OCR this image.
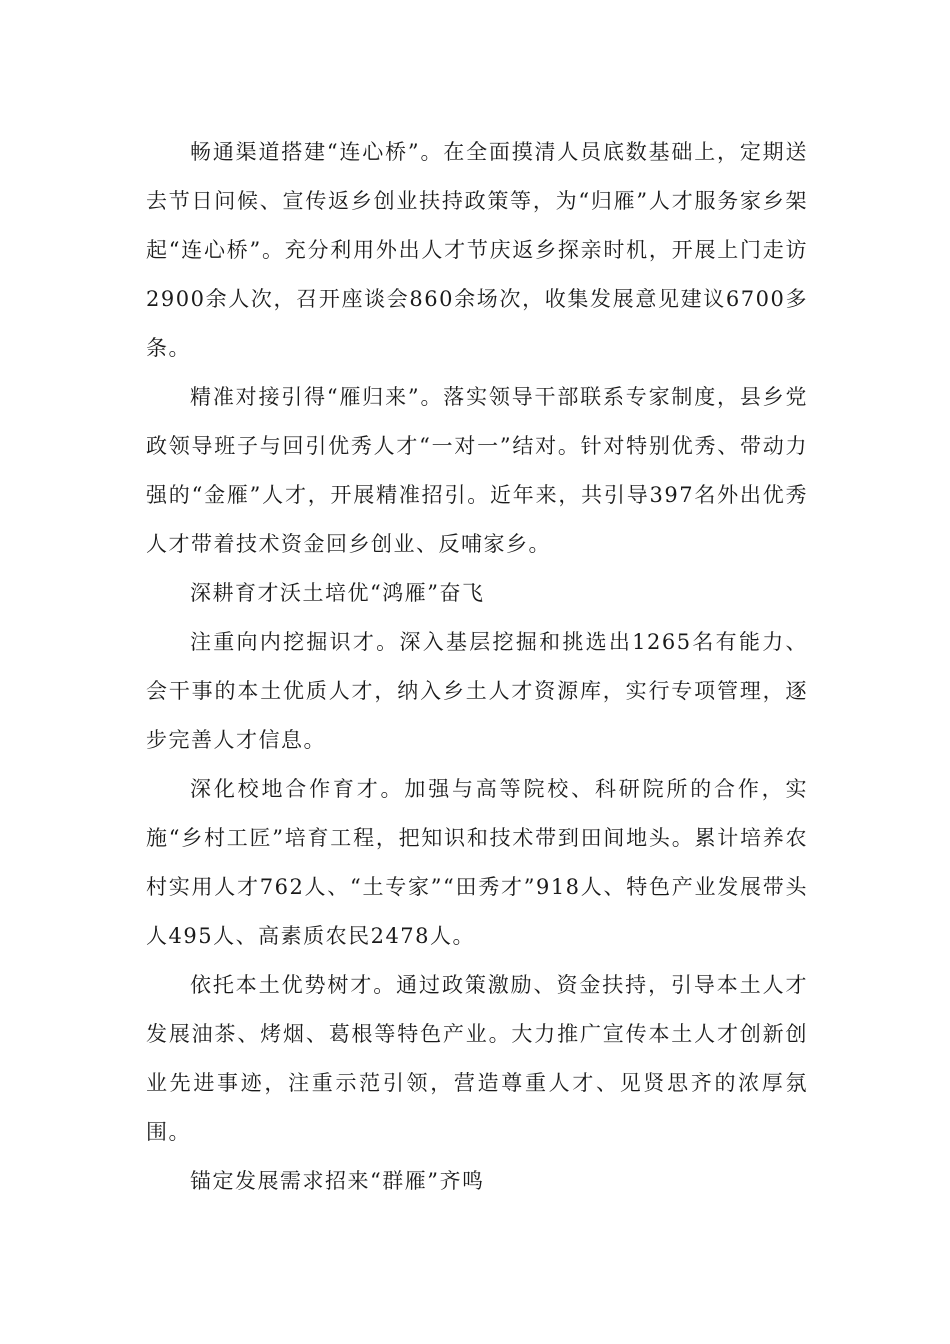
畅通渠道搭建“连心桥”。在全面摸清人员底数基础上，定期送去节日问候、宣传返乡创业扶持政策等，为“归雁”人才服务家乡架起“连心桥”。充分利用外出人才节庆返乡探亲时机，开展上门走访2900余人次，召开座谈会860余场次，收集发展意见建议6700多条。

精准对接引得“雁归来”。落实领导干部联系专家制度，县乡党政领导班子与回引优秀人才“一对一”结对。针对特别优秀、带动力强的“金雁”人才，开展精准招引。近年来，共引导397名外出优秀人才带着技术资金回乡创业、反哺家乡。

深耕育才沃土培优“鸿雁”奋飞

注重向内挖掘识才。深入基层挖掘和挑选出1265名有能力、会干事的本土优质人才，纳入乡土人才资源库，实行专项管理，逐步完善人才信息。

深化校地合作育才。加强与高等院校、科研院所的合作，实施“乡村工匠”培育工程，把知识和技术带到田间地头。累计培养农村实用人才762人、“土专家”“田秀才”918人、特色产业发展带头人495人、高素质农民2478人。

依托本土优势树才。通过政策激励、资金扶持，引导本土人才发展油茶、烤烟、葛根等特色产业。大力推广宣传本土人才创新创业先进事迹，注重示范引领，营造尊重人才、见贤思齐的浓厚氛围。

锚定发展需求招来“群雁”齐鸣
